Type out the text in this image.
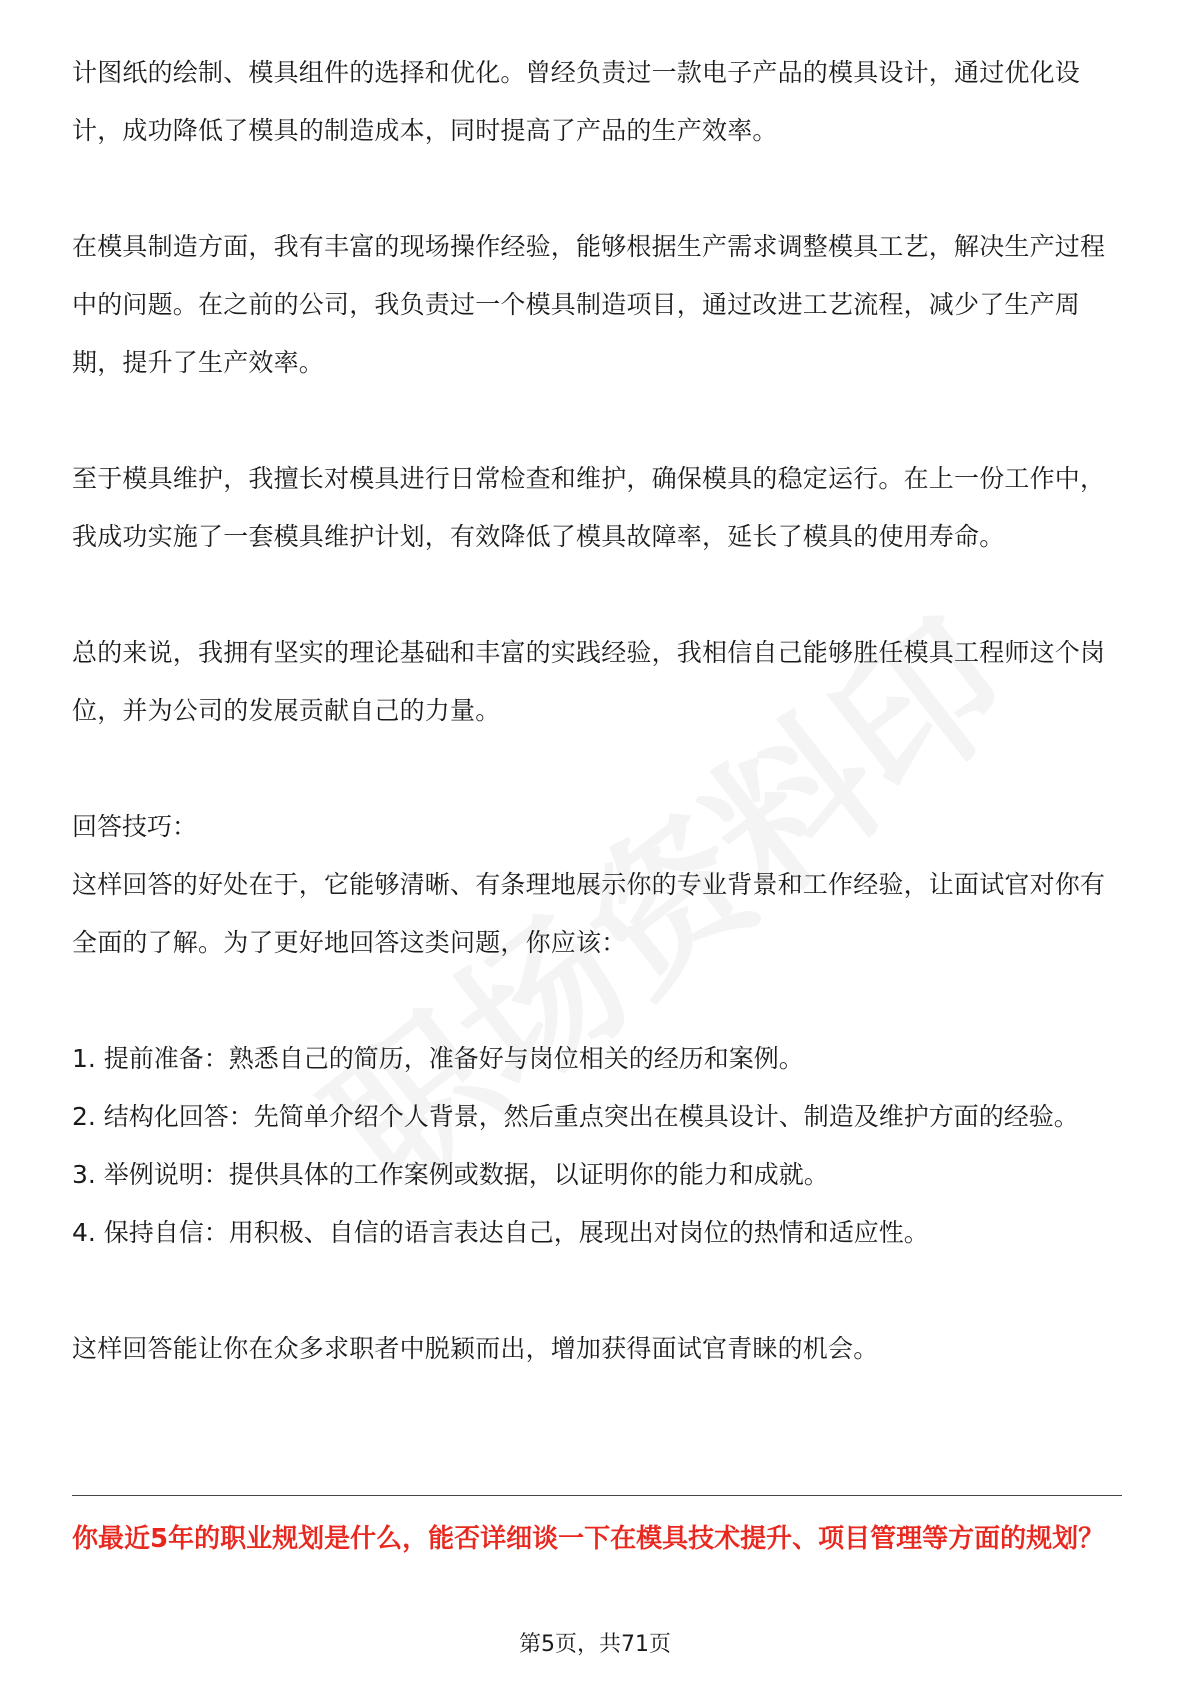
计图纸的绘制、模具组件的选择和优化。曾经负责过一款电子产品的模具设计，通过优化设计，成功降低了模具的制造成本，同时提高了产品的生产效率。

在模具制造方面，我有丰富的现场操作经验，能够根据生产需求调整模具工艺，解决生产过程中的问题。在之前的公司，我负责过一个模具制造项目，通过改进工艺流程，减少了生产周期，提升了生产效率。

至于模具维护，我擅长对模具进行日常检查和维护，确保模具的稳定运行。在上一份工作中，我成功实施了一套模具维护计划，有效降低了模具故障率，延长了模具的使用寿命。

总的来说，我拥有坚实的理论基础和丰富的实践经验，我相信自己能够胜任模具工程师这个岗位，并为公司的发展贡献自己的力量。

回答技巧：

这样回答的好处在于，它能够清晰、有条理地展示你的专业背景和工作经验，让面试官对你有全面的了解。为了更好地回答这类问题，你应该：

1. 提前准备：熟悉自己的简历，准备好与岗位相关的经历和案例。

2. 结构化回答：先简单介绍个人背景，然后重点突出在模具设计、制造及维护方面的经验。

3. 举例说明：提供具体的工作案例或数据，以证明你的能力和成就。

4. 保持自信：用积极、自信的语言表达自己，展现出对岗位的热情和适应性。

这样回答能让你在众多求职者中脱颖而出，增加获得面试官青睐的机会。

你最近5年的职业规划是什么，能否详细谈一下在模具技术提升、项目管理等方面的规划？

第5页，共71页
